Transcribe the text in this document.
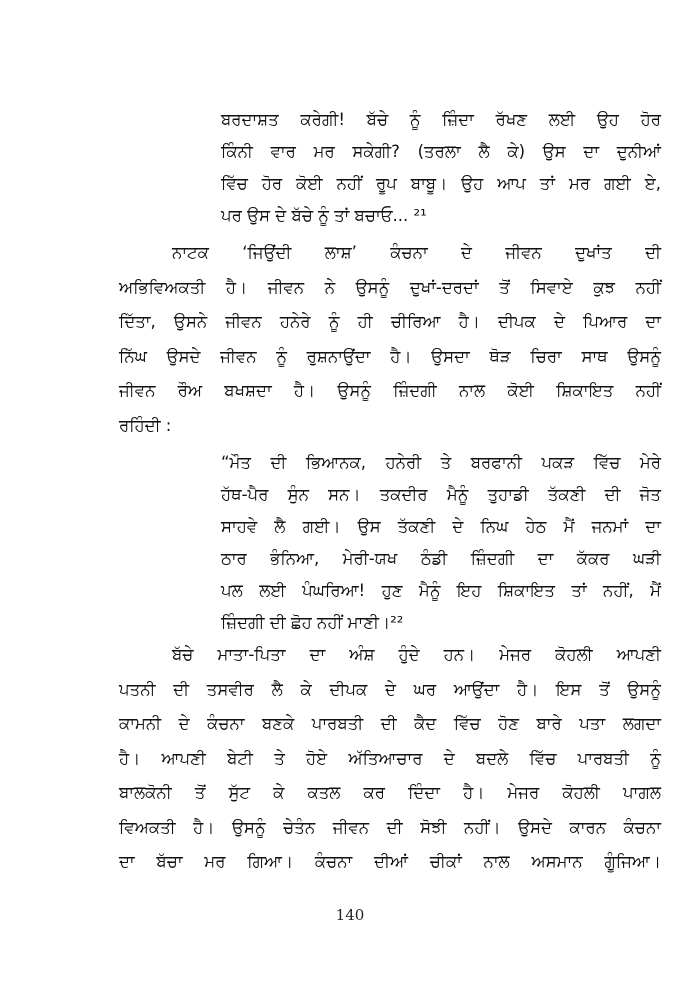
ਬਰਦਾਸ਼ਤ ਕਰੇਗੀ! ਬੱਚੇ ਨੂੰ ਜ਼ਿੰਦਾ ਰੱਖਣ ਲਈ ਉਹ ਹੋਰ
ਕਿੰਨੀ ਵਾਰ ਮਰ ਸਕੇਗੀ? (ਤਰਲਾ ਲੈ ਕੇ) ਉਸ ਦਾ ਦੁਨੀਆਂ
ਵਿੱਚ ਹੋਰ ਕੋਈ ਨਹੀਂ ਰੂਪ ਬਾਬੂ। ਉਹ ਆਪ ਤਾਂ ਮਰ ਗਈ ਏ,
ਪਰ ਉਸ ਦੇ ਬੱਚੇ ਨੂੰ ਤਾਂ ਬਚਾਓ... ²¹
ਨਾਟਕ ‘ਜਿਉਂਦੀ ਲਾਸ਼’ ਕੰਚਨਾ ਦੇ ਜੀਵਨ ਦੁਖਾਂਤ ਦੀ
ਅਭਿਵਿਅਕਤੀ ਹੈ। ਜੀਵਨ ਨੇ ਉਸਨੂੰ ਦੁਖਾਂ-ਦਰਦਾਂ ਤੋਂ ਸਿਵਾਏ ਕੁਝ ਨਹੀਂ
ਦਿੱਤਾ, ਉਸਨੇ ਜੀਵਨ ਹਨੇਰੇ ਨੂੰ ਹੀ ਚੀਰਿਆ ਹੈ। ਦੀਪਕ ਦੇ ਪਿਆਰ ਦਾ
ਨਿੱਘ ਉਸਦੇ ਜੀਵਨ ਨੂੰ ਰੁਸ਼ਨਾਉਂਦਾ ਹੈ। ਉਸਦਾ ਥੋੜ ਚਿਰਾ ਸਾਥ ਉਸਨੂੰ
ਜੀਵਨ ਰੌਅ ਬਖਸ਼ਦਾ ਹੈ। ਉਸਨੂੰ ਜ਼ਿੰਦਗੀ ਨਾਲ ਕੋਈ ਸ਼ਿਕਾਇਤ ਨਹੀਂ
ਰਹਿੰਦੀ :
“ਮੌਤ ਦੀ ਭਿਆਨਕ, ਹਨੇਰੀ ਤੇ ਬਰਫਾਨੀ ਪਕੜ ਵਿੱਚ ਮੇਰੇ
ਹੱਥ-ਪੈਰ ਸੁੰਨ ਸਨ। ਤਕਦੀਰ ਮੈਨੂੰ ਤੁਹਾਡੀ ਤੱਕਣੀ ਦੀ ਜੋਤ
ਸਾਹਵੇ ਲੈ ਗਈ। ਉਸ ਤੱਕਣੀ ਦੇ ਨਿਘ ਹੇਠ ਮੈਂ ਜਨਮਾਂ ਦਾ
ਠਾਰ ਭੰਨਿਆ, ਮੇਰੀ-ਯਖ ਠੰਡੀ ਜ਼ਿੰਦਗੀ ਦਾ ਕੱਕਰ ਘੜੀ
ਪਲ ਲਈ ਪੰਘਰਿਆ! ਹੁਣ ਮੈਨੂੰ ਇਹ ਸ਼ਿਕਾਇਤ ਤਾਂ ਨਹੀਂ, ਮੈਂ
ਜ਼ਿੰਦਗੀ ਦੀ ਛੋਹ ਨਹੀਂ ਮਾਣੀ।²²
ਬੱਚੇ ਮਾਤਾ-ਪਿਤਾ ਦਾ ਅੰਸ਼ ਹੁੰਦੇ ਹਨ। ਮੇਜਰ ਕੋਹਲੀ ਆਪਣੀ
ਪਤਨੀ ਦੀ ਤਸਵੀਰ ਲੈ ਕੇ ਦੀਪਕ ਦੇ ਘਰ ਆਉਂਦਾ ਹੈ। ਇਸ ਤੋਂ ਉਸਨੂੰ
ਕਾਮਨੀ ਦੇ ਕੰਚਨਾ ਬਣਕੇ ਪਾਰਬਤੀ ਦੀ ਕੈਦ ਵਿੱਚ ਹੋਣ ਬਾਰੇ ਪਤਾ ਲਗਦਾ
ਹੈ। ਆਪਣੀ ਬੇਟੀ ਤੇ ਹੋਏ ਅੱਤਿਆਚਾਰ ਦੇ ਬਦਲੇ ਵਿੱਚ ਪਾਰਬਤੀ ਨੂੰ
ਬਾਲਕੋਨੀ ਤੋਂ ਸੁੱਟ ਕੇ ਕਤਲ ਕਰ ਦਿੰਦਾ ਹੈ। ਮੇਜਰ ਕੋਹਲੀ ਪਾਗਲ
ਵਿਅਕਤੀ ਹੈ। ਉਸਨੂੰ ਚੇਤੰਨ ਜੀਵਨ ਦੀ ਸੋਝੀ ਨਹੀਂ। ਉਸਦੇ ਕਾਰਨ ਕੰਚਨਾ
ਦਾ ਬੱਚਾ ਮਰ ਗਿਆ। ਕੰਚਨਾ ਦੀਆਂ ਚੀਕਾਂ ਨਾਲ ਅਸਮਾਨ ਗੂੰਜਿਆ।
140
